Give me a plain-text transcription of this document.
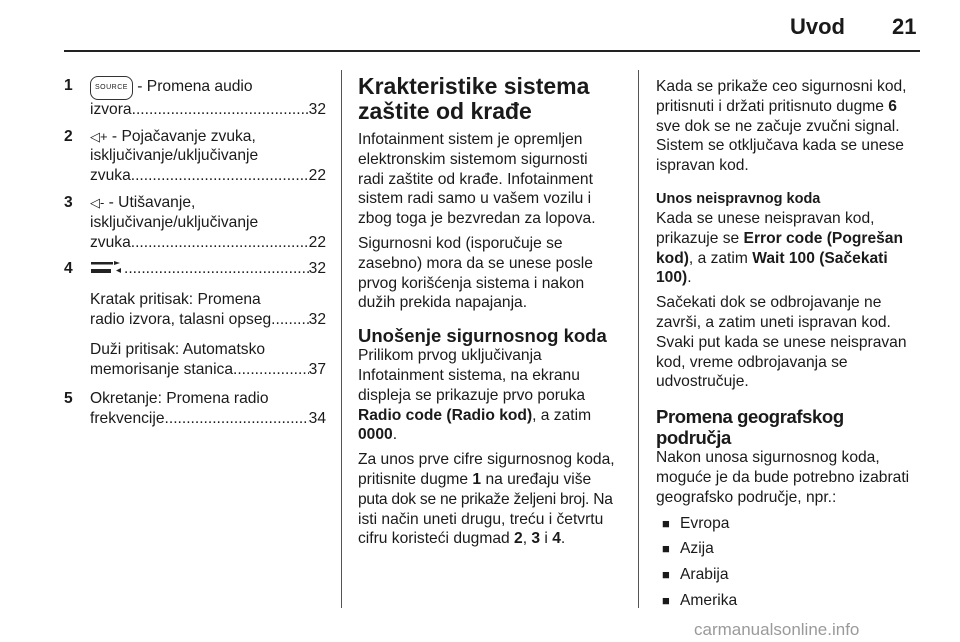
Uvod 21
1	SOURCE - Promena audio
izvora .....	32
2 ◁+ - Pojačavanje zvuka,
isključivanje/uključivanje
zvuka .....	22
3 ◁- - Utišavanje,
isključivanje/uključivanje
zvuka .....	22
4 .....	32
Kratak pritisak: Promena
radio izvora, talasni opseg ..... 32
Duži pritisak: Automatsko
memorisanje stanica .....	37
5 Okretanje: Promena radio
frekvencije .....	34
Krakteristike sistema
zaštite od krađe
Infotainment sistem je opremljen
elektronskim sistemom sigurnosti
radi zaštite od krađe. Infotainment
sistem radi samo u vašem vozilu i
zbog toga je bezvredan za lopova.
Sigurnosni kod (isporučuje se
zasebno) mora da se unese posle
prvog korišćenja sistema i nakon
dužih prekida napajanja.
Unošenje sigurnosnog koda
Prilikom prvog uključivanja
Infotainment sistema, na ekranu
displeja se prikazuje prvo poruka
Radio code (Radio kod), a zatim
0000.
Za unos prve cifre sigurnosnog koda,
pritisnite dugme 1 na uređaju više
puta dok se ne prikaže željeni broj. Na
isti način uneti drugu, treću i četvrtu
cifru koristeći dugmad 2, 3 i 4.
Kada se prikaže ceo sigurnosni kod,
pritisnuti i držati pritisnuto dugme 6
sve dok se ne začuje zvučni signal.
Sistem se otključava kada se unese
ispravan kod.
Unos neispravnog koda
Kada se unese neispravan kod,
prikazuje se Error code (Pogrešan
kod), a zatim Wait 100 (Sačekati
100).
Sačekati dok se odbrojavanje ne
završi, a zatim uneti ispravan kod.
Svaki put kada se unese neispravan
kod, vreme odbrojavanja se
udvostručuje.
Promena geografskog područja
Nakon unosa sigurnosnog koda,
moguće je da bude potrebno izabrati
geografsko područje, npr.:
■ Evropa
■ Azija
■ Arabija
■ Amerika
carmanualsonline.info
